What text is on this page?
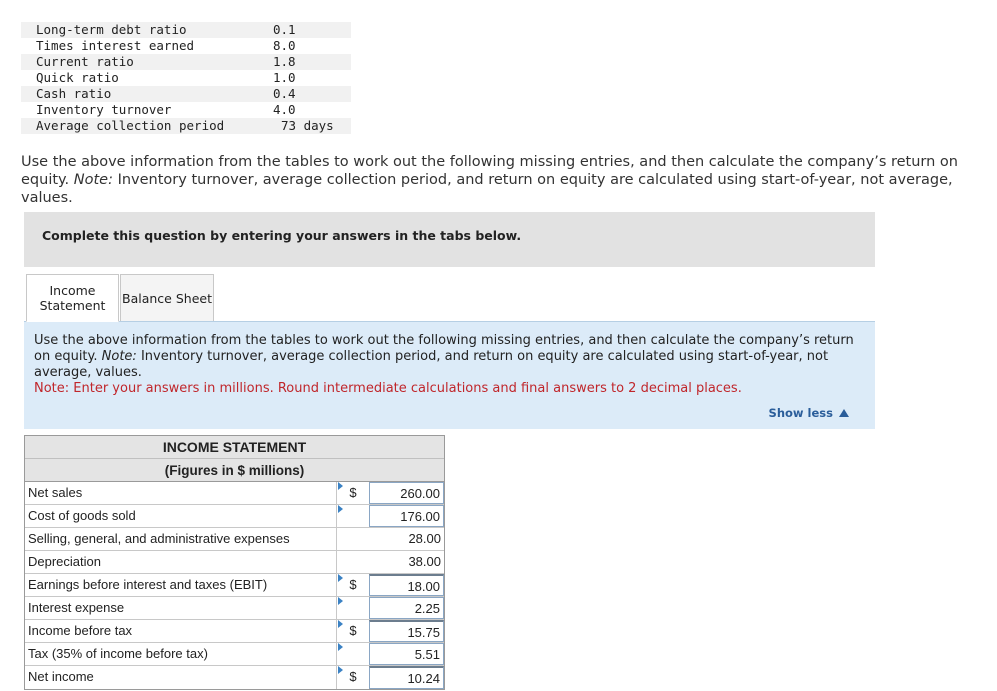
Long-term debt ratio	0.1
Times interest earned	8.0
Current ratio	1.8
Quick ratio	1.0
Cash ratio	0.4
Inventory turnover	4.0
Average collection period	73 days
Use the above information from the tables to work out the following missing entries, and then calculate the company’s return on equity. Note: Inventory turnover, average collection period, and return on equity are calculated using start-of-year, not average, values.
Complete this question by entering your answers in the tabs below.
Income
Statement Balance Sheet
Use the above information from the tables to work out the following missing entries, and then calculate the company’s return on equity. Note: Inventory turnover, average collection period, and return on equity are calculated using start-of-year, not average, values.
Note: Enter your answers in millions. Round intermediate calculations and final answers to 2 decimal places.
Show less
INCOME STATEMENT
(Figures in $ millions)
Net sales	$	260.00
Cost of goods sold	176.00
Selling, general, and administrative expenses	28.00
Depreciation	38.00
Earnings before interest and taxes (EBIT)	$	18.00
Interest expense	2.25
Income before tax	$	15.75
Tax (35% of income before tax)	5.51
Net income	$	10.24
